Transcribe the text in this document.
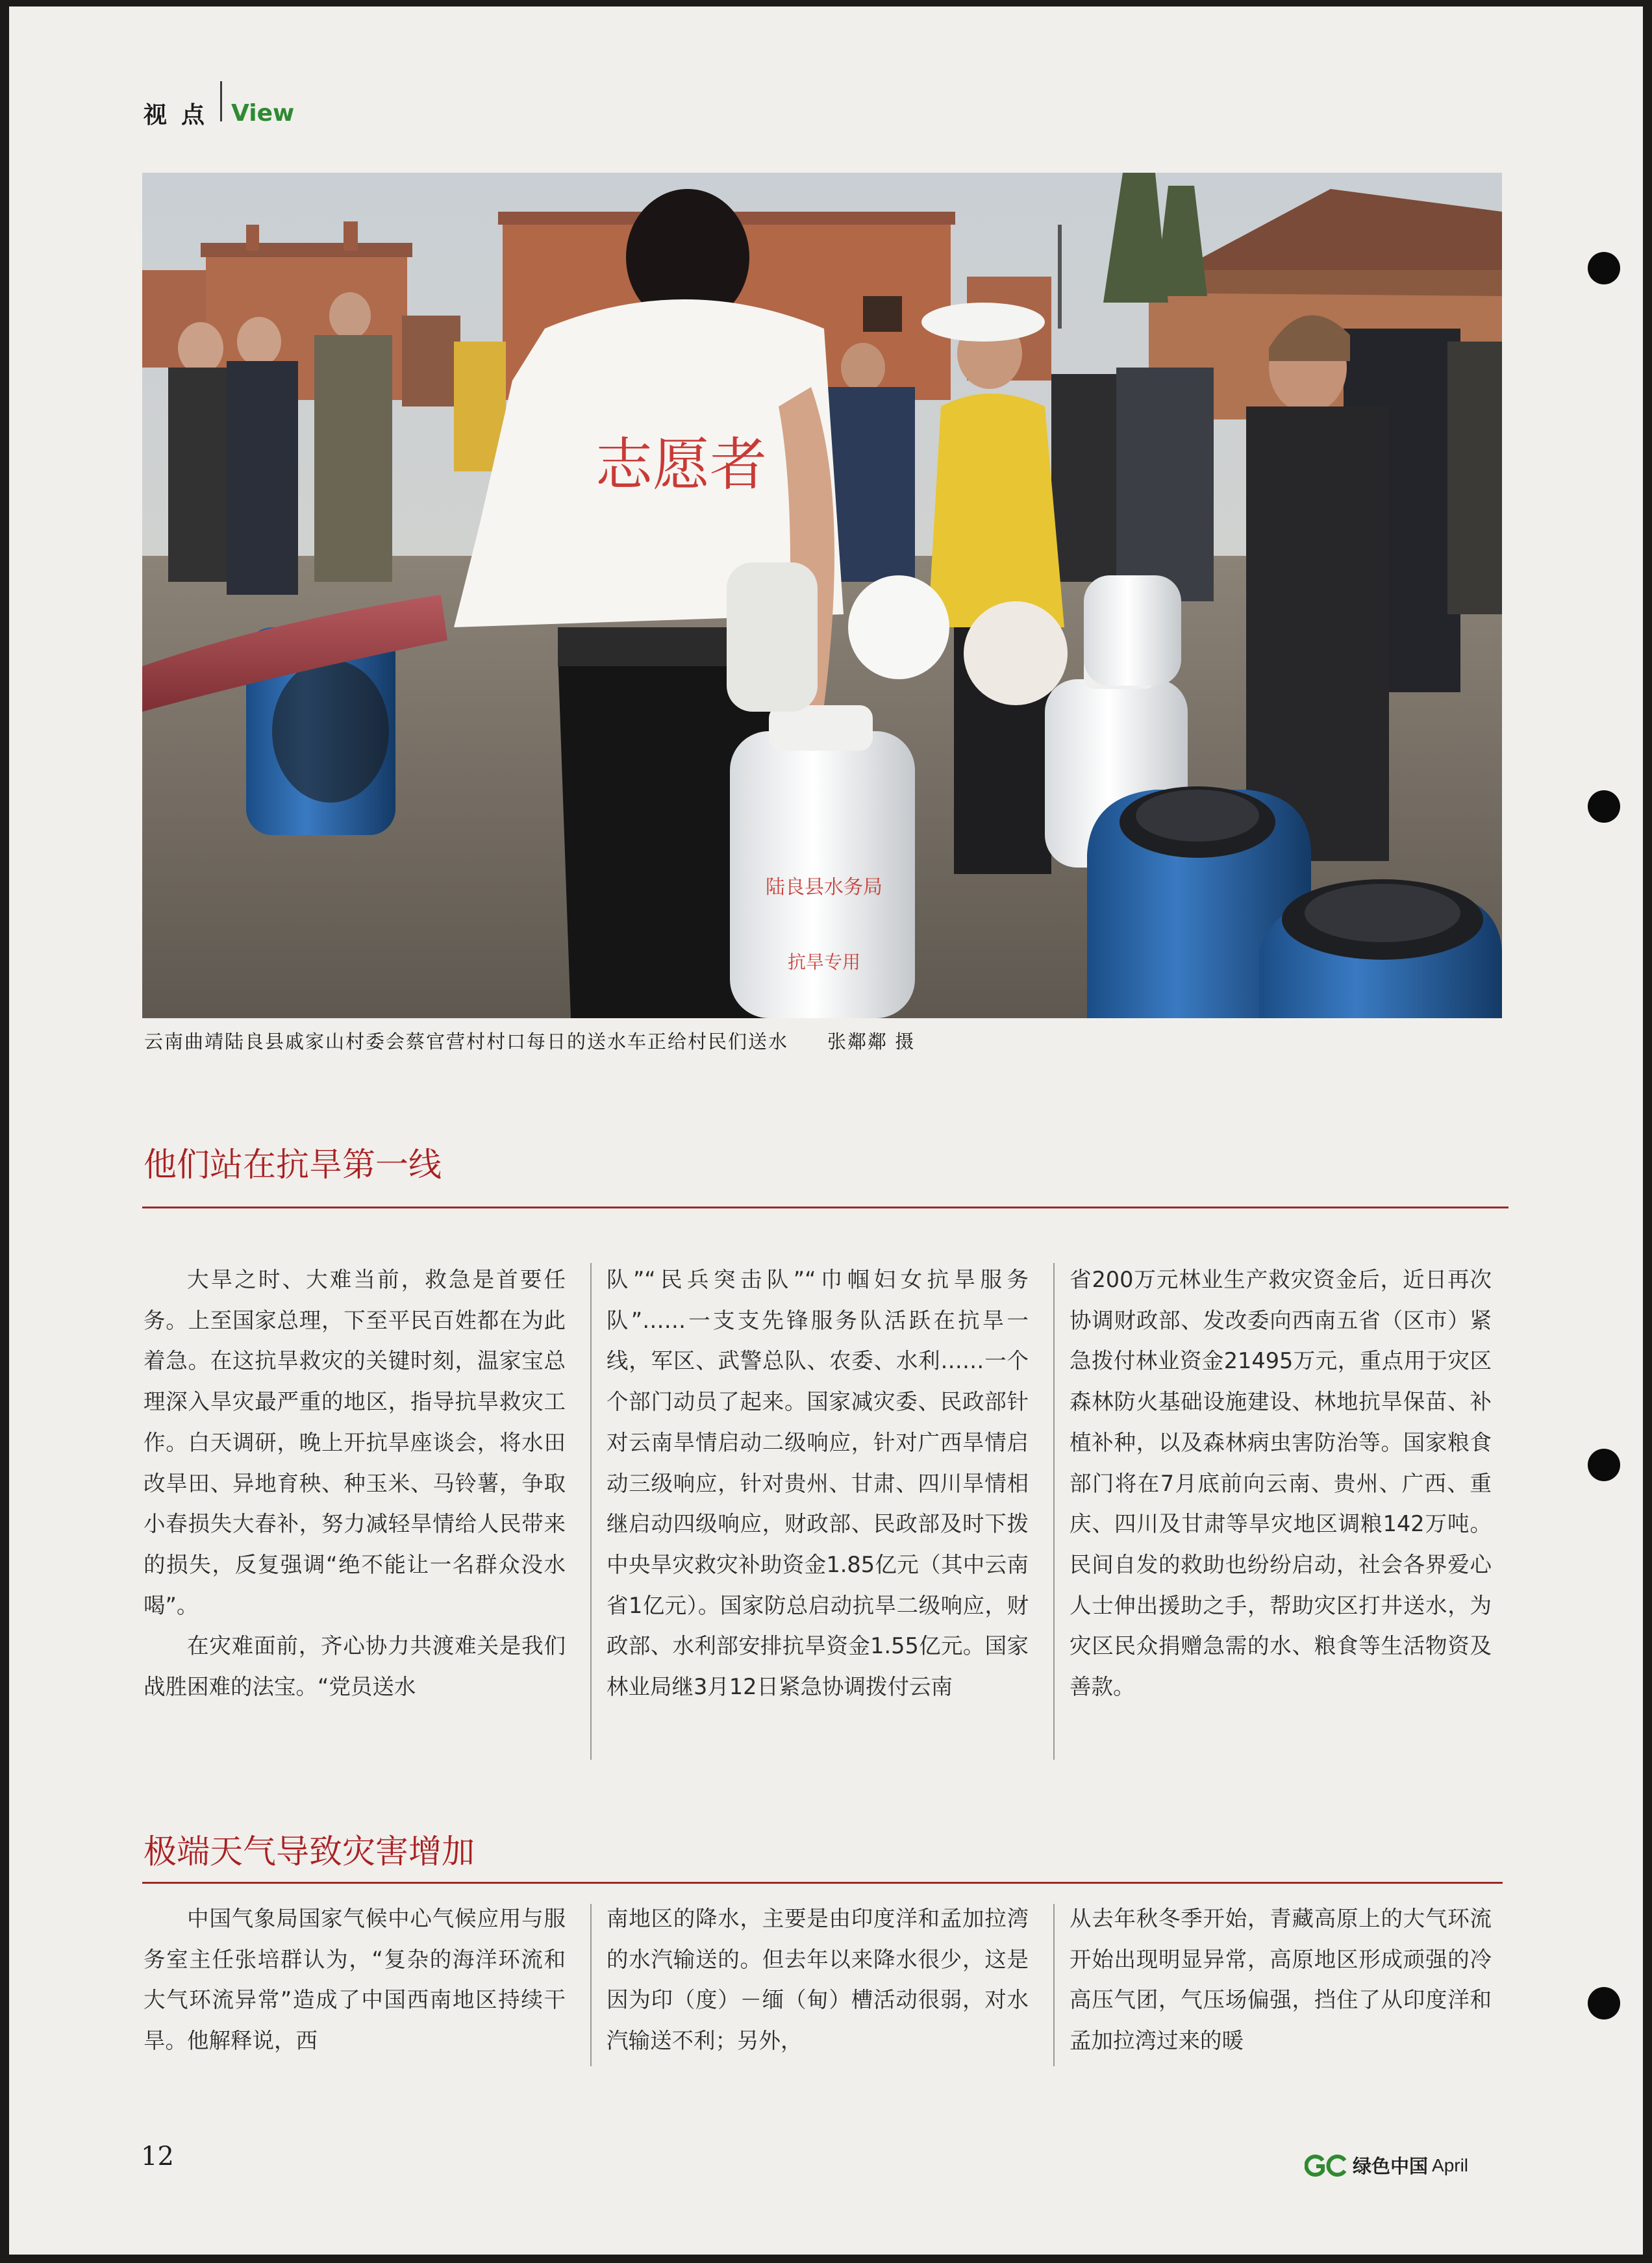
视点 View
志愿者
陆良县水务局
抗旱专用
云南曲靖陆良县戚家山村委会蔡官营村村口每日的送水车正给村民们送水 张鄰鄰 摄
他们站在抗旱第一线

大旱之时、大难当前，救急是首要任务。上至国家总理，下至平民百姓都在为此着急。在这抗旱救灾的关键时刻，温家宝总理深入旱灾最严重的地区，指导抗旱救灾工作。白天调研，晚上开抗旱座谈会，将水田改旱田、异地育秧、种玉米、马铃薯，争取小春损失大春补，努力减轻旱情给人民带来的损失，反复强调“绝不能让一名群众没水喝”。

在灾难面前，齐心协力共渡难关是我们战胜困难的法宝。“党员送水

队”“民兵突击队”“巾帼妇女抗旱服务队”……一支支先锋服务队活跃在抗旱一线，军区、武警总队、农委、水利……一个个部门动员了起来。国家减灾委、民政部针对云南旱情启动二级响应，针对广西旱情启动三级响应，针对贵州、甘肃、四川旱情相继启动四级响应，财政部、民政部及时下拨中央旱灾救灾补助资金1.85亿元（其中云南省1亿元）。国家防总启动抗旱二级响应，财政部、水利部安排抗旱资金1.55亿元。国家林业局继3月12日紧急协调拨付云南

省200万元林业生产救灾资金后，近日再次协调财政部、发改委向西南五省（区市）紧急拨付林业资金21495万元，重点用于灾区森林防火基础设施建设、林地抗旱保苗、补植补种，以及森林病虫害防治等。国家粮食部门将在7月底前向云南、贵州、广西、重庆、四川及甘肃等旱灾地区调粮142万吨。民间自发的救助也纷纷启动，社会各界爱心人士伸出援助之手，帮助灾区打井送水，为灾区民众捐赠急需的水、粮食等生活物资及善款。

极端天气导致灾害增加

中国气象局国家气候中心气候应用与服务室主任张培群认为，“复杂的海洋环流和大气环流异常”造成了中国西南地区持续干旱。他解释说，西

南地区的降水，主要是由印度洋和孟加拉湾的水汽输送的。但去年以来降水很少，这是因为印（度）－缅（甸）槽活动很弱，对水汽输送不利；另外，

从去年秋冬季开始，青藏高原上的大气环流开始出现明显异常，高原地区形成顽强的冷高压气团，气压场偏强，挡住了从印度洋和孟加拉湾过来的暖

12	绿色中国 April
